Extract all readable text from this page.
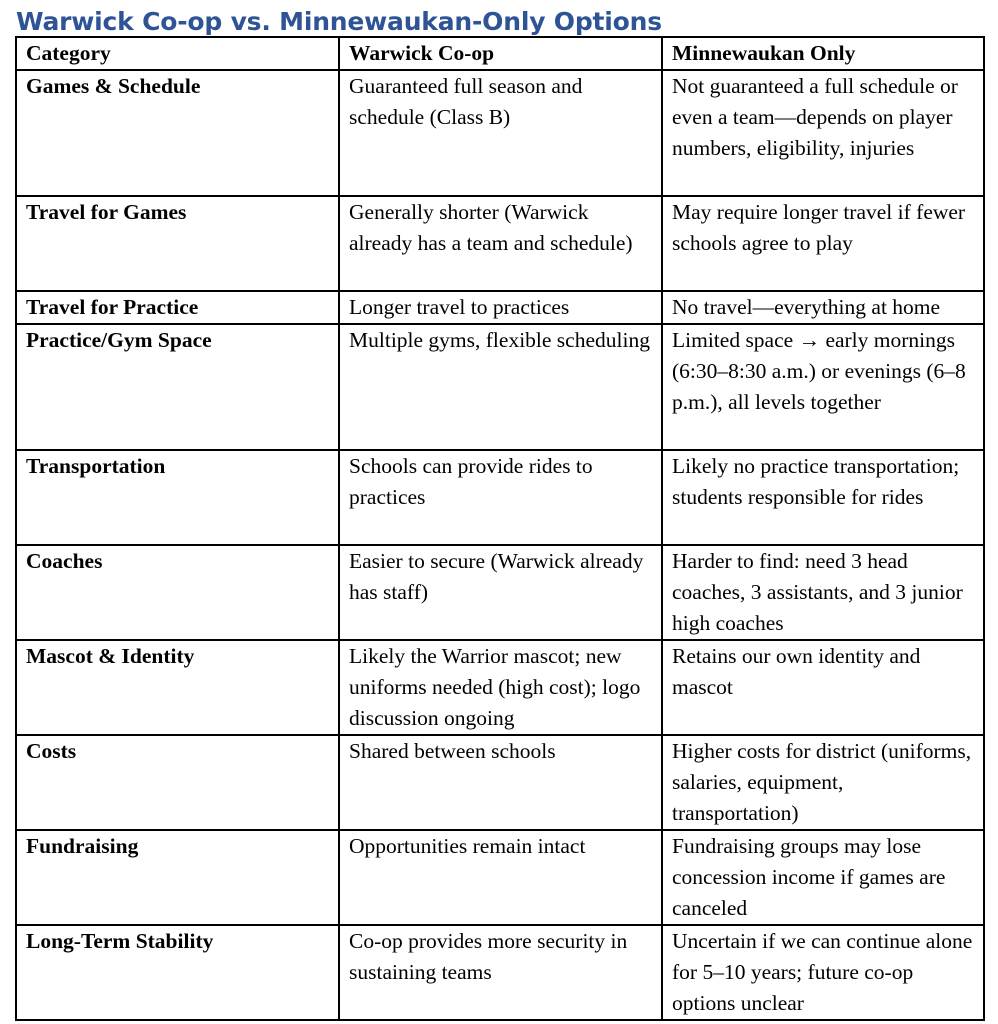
Warwick Co-op vs. Minnewaukan-Only Options
Category	Warwick Co-op	Minnewaukan Only
Games & Schedule	Guaranteed full season and schedule (Class B)	Not guaranteed a full schedule or even a team—depends on player numbers, eligibility, injuries
Travel for Games	Generally shorter (Warwick already has a team and schedule)	May require longer travel if fewer schools agree to play
Travel for Practice	Longer travel to practices	No travel—everything at home
Practice/Gym Space	Multiple gyms, flexible scheduling	Limited space → early mornings (6:30–8:30 a.m.) or evenings (6–8 p.m.), all levels together
Transportation	Schools can provide rides to practices	Likely no practice transportation; students responsible for rides
Coaches	Easier to secure (Warwick already has staff)	Harder to find: need 3 head coaches, 3 assistants, and 3 junior high coaches
Mascot & Identity	Likely the Warrior mascot; new uniforms needed (high cost); logo discussion ongoing	Retains our own identity and mascot
Costs	Shared between schools	Higher costs for district (uniforms, salaries, equipment, transportation)
Fundraising	Opportunities remain intact	Fundraising groups may lose concession income if games are canceled
Long-Term Stability	Co-op provides more security in sustaining teams	Uncertain if we can continue alone for 5–10 years; future co-op options unclear
